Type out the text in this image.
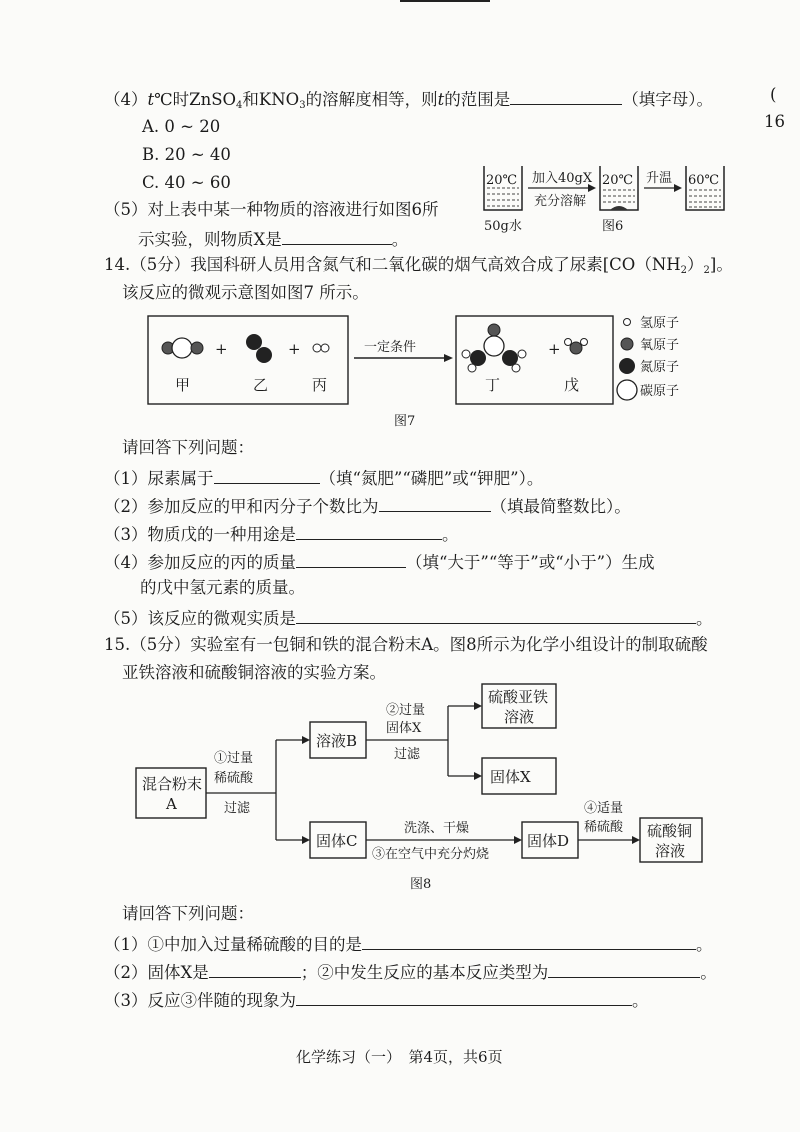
(
16
（4）t℃时ZnSO$_4$和$KNO_3$的溶解度相等，则t的范围是	（填字母）。
A. 0 ~ 20
B. 20 ~ 40
C. 40 ~ 60
（5）对上表中某一种物质的溶液进行如图6所
示实验，则物质X是	。
20℃
50g水
加入40gX
充分溶解
20℃
图6
升温 60℃
14.（5分）我国科研人员用含氮气和二氧化碳的烟气高效合成了尿素$[CO(NH_2)_2]$。
该反应的微观示意图如图7 所示。
+	+
甲	乙	丙
一定条件	+
丁	戊
氢原子
氧原子
氮原子
碳原子
图7
请回答下列问题：
（1）尿素属于	（填“氮肥”“磷肥”或“钾肥”）。
（2）参加反应的甲和丙分子个数比为	（填最简整数比）。
（3）物质戊的一种用途是	。
（4）参加反应的丙的质量	（填“大于”“等于”或“小于”）生成
的戊中氢元素的质量。
（5）该反应的微观实质是	。
15.（5分）实验室有一包铜和铁的混合粉末A。图8所示为化学小组设计的制取硫酸
亚铁溶液和硫酸铜溶液的实验方案。
混合粉末
A
溶液B
固体C
硫酸亚铁
溶液
固体X
固体D
硫酸铜
溶液
①过量
稀硫酸
过滤
②过量
固体X
过滤
洗涤、干燥
③在空气中充分灼烧
④适量
稀硫酸
图8
请回答下列问题：
（1）①中加入过量稀硫酸的目的是	。
（2）固体X是	；②中发生反应的基本反应类型为	。
（3）反应③伴随的现象为	。
化学练习（一）　第4页，共6页
